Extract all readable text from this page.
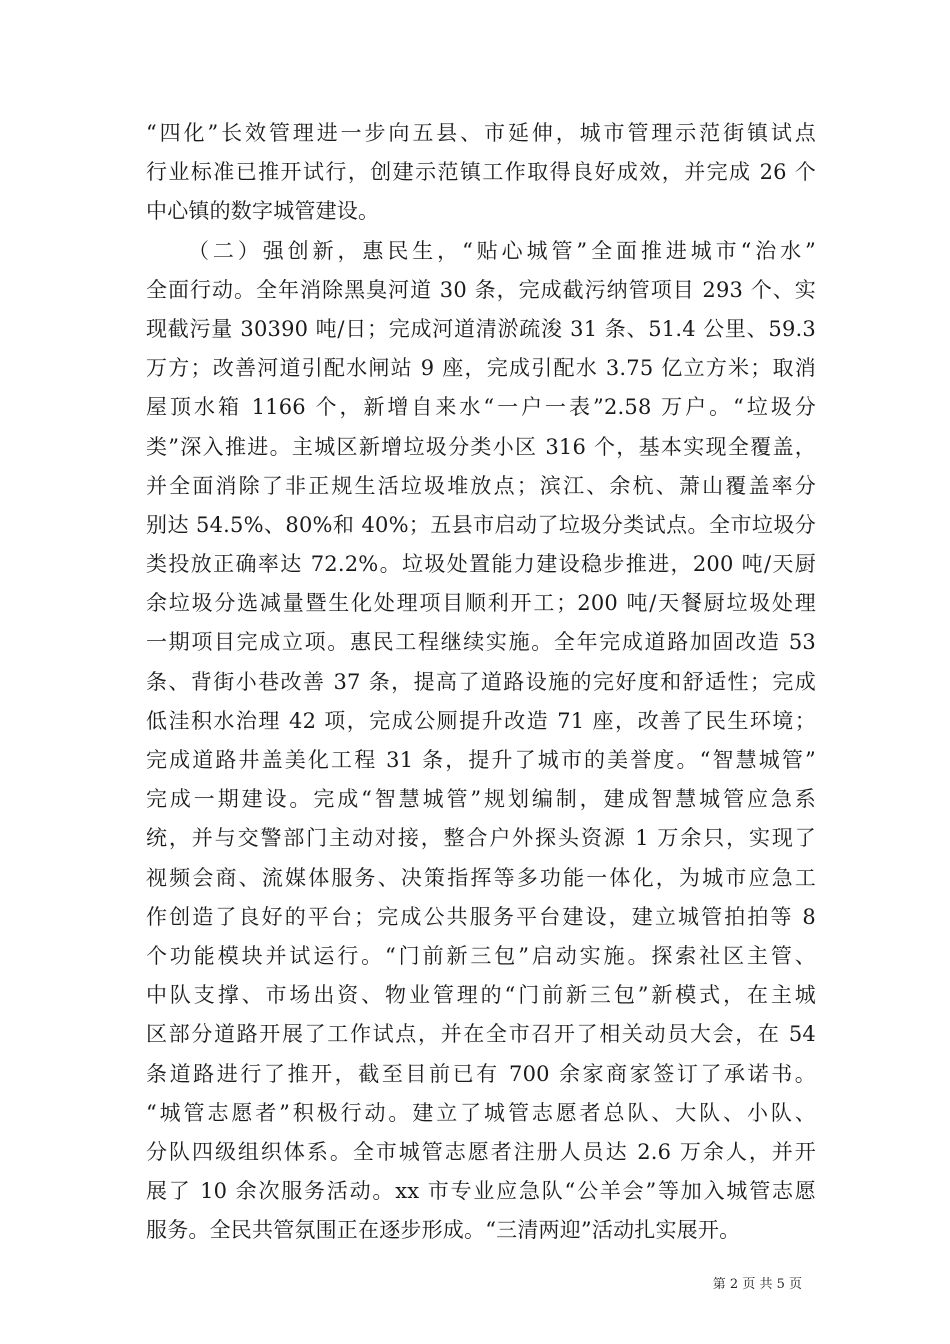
“四化”长效管理进一步向五县、市延伸，城市管理示范街镇试点
行业标准已推开试行，创建示范镇工作取得良好成效，并完成 26 个
中心镇的数字城管建设。
（二）强创新，惠民生，“贴心城管”全面推进城市“治水”
全面行动。全年消除黑臭河道 30 条，完成截污纳管项目 293 个、实
现截污量 30390 吨/日；完成河道清淤疏浚 31 条、51.4 公里、59.3
万方；改善河道引配水闸站 9 座，完成引配水 3.75 亿立方米；取消
屋顶水箱 1166 个，新增自来水“一户一表”2.58 万户。“垃圾分
类”深入推进。主城区新增垃圾分类小区 316 个，基本实现全覆盖，
并全面消除了非正规生活垃圾堆放点；滨江、余杭、萧山覆盖率分
别达 54.5%、80%和 40%；五县市启动了垃圾分类试点。全市垃圾分
类投放正确率达 72.2%。垃圾处置能力建设稳步推进，200 吨/天厨
余垃圾分选减量暨生化处理项目顺利开工；200 吨/天餐厨垃圾处理
一期项目完成立项。惠民工程继续实施。全年完成道路加固改造 53
条、背街小巷改善 37 条，提高了道路设施的完好度和舒适性；完成
低洼积水治理 42 项，完成公厕提升改造 71 座，改善了民生环境；
完成道路井盖美化工程 31 条，提升了城市的美誉度。“智慧城管”
完成一期建设。完成“智慧城管”规划编制，建成智慧城管应急系
统，并与交警部门主动对接，整合户外探头资源 1 万余只，实现了
视频会商、流媒体服务、决策指挥等多功能一体化，为城市应急工
作创造了良好的平台；完成公共服务平台建设，建立城管拍拍等 8
个功能模块并试运行。“门前新三包”启动实施。探索社区主管、
中队支撑、市场出资、物业管理的“门前新三包”新模式，在主城
区部分道路开展了工作试点，并在全市召开了相关动员大会，在 54
条道路进行了推开，截至目前已有 700 余家商家签订了承诺书。
“城管志愿者”积极行动。建立了城管志愿者总队、大队、小队、
分队四级组织体系。全市城管志愿者注册人员达 2.6 万余人，并开
展了 10 余次服务活动。xx 市专业应急队“公羊会”等加入城管志愿
服务。全民共管氛围正在逐步形成。“三清两迎”活动扎实展开。
第 2 页 共 5 页
